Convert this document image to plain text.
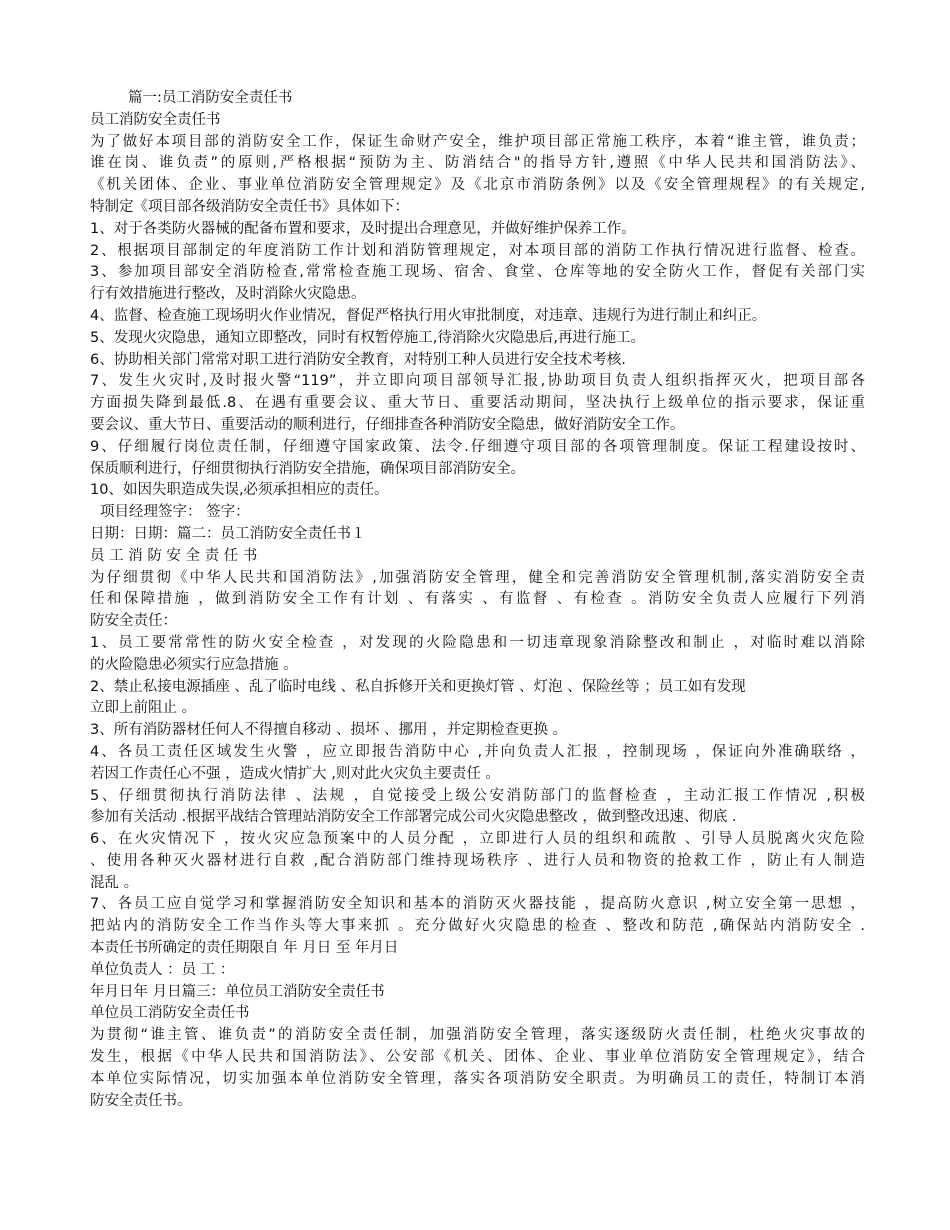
篇一:员工消防安全责任书
员工消防安全责任书
为了做好本项目部的消防安全工作，保证生命财产安全，维护项目部正常施工秩序，本着“谁主管，谁负责；
谁在岗、谁负责”的原则,严格根据“预防为主、防消结合"的指导方针,遵照《中华人民共和国消防法》、
《机关团体、企业、事业单位消防安全管理规定》及《北京市消防条例》以及《安全管理规程》的有关规定,
特制定《项目部各级消防安全责任书》具体如下：
1、对于各类防火器械的配备布置和要求，及时提出合理意见，并做好维护保养工作。
2、根据项目部制定的年度消防工作计划和消防管理规定，对本项目部的消防工作执行情况进行监督、检查。
3、参加项目部安全消防检查,常常检查施工现场、宿舍、食堂、仓库等地的安全防火工作，督促有关部门实
行有效措施进行整改，及时消除火灾隐患。
4、监督、检查施工现场明火作业情况，督促严格执行用火审批制度，对违章、违规行为进行制止和纠正。
5、发现火灾隐患，通知立即整改，同时有权暂停施工,待消除火灾隐患后,再进行施工。
6、协助相关部门常常对职工进行消防安全教育，对特别工种人员进行安全技术考核.
7、发生火灾时,及时报火警“119”，并立即向项目部领导汇报,协助项目负责人组织指挥灭火，把项目部各
方面损失降到最低.8、在遇有重要会议、重大节日、重要活动期间，坚决执行上级单位的指示要求，保证重
要会议、重大节日、重要活动的顺利进行，仔细排查各种消防安全隐患，做好消防安全工作。
9、仔细履行岗位责任制，仔细遵守国家政策、法令.仔细遵守项目部的各项管理制度。保证工程建设按时、
保质顺利进行，仔细贯彻执行消防安全措施，确保项目部消防安全。
10、如因失职造成失误,必须承担相应的责任。
项目经理签字： 签字：
日期：日期：篇二：员工消防安全责任书１
员 工 消 防 安 全 责 任 书
为仔细贯彻《中华人民共和国消防法》,加强消防安全管理，健全和完善消防安全管理机制,落实消防安全责
任和保障措施 ，做到消防安全工作有计划 、有落实 、有监督 、有检查 。消防安全负责人应履行下列消
防安全责任：
1、员工要常常性的防火安全检查 ，对发现的火险隐患和一切违章现象消除整改和制止 ，对临时难以消除
的火险隐患必须实行应急措施 。
2、禁止私接电源插座 、乱了临时电线 、私自拆修开关和更换灯管 、灯泡 、保险丝等 ；员工如有发现
立即上前阻止 。
3、所有消防器材任何人不得擅自移动 、损坏 、挪用 ，并定期检查更换 。
4、各员工责任区域发生火警 ，应立即报告消防中心 ,并向负责人汇报 ，控制现场 ，保证向外准确联络 ，
若因工作责任心不强 ，造成火情扩大 ,则对此火灾负主要责任 。
5、仔细贯彻执行消防法律 、法规 ，自觉接受上级公安消防部门的监督检查 ，主动汇报工作情况 ,积极
参加有关活动 .根据平战结合管理站消防安全工作部署完成公司火灾隐患整改 ，做到整改迅速、彻底 .
6、在火灾情况下 ，按火灾应急预案中的人员分配 ，立即进行人员的组织和疏散 、引导人员脱离火灾危险
、使用各种灭火器材进行自救 ,配合消防部门维持现场秩序 、进行人员和物资的抢救工作 ，防止有人制造
混乱 。
7、各员工应自觉学习和掌握消防安全知识和基本的消防灭火器技能 ，提高防火意识 ,树立安全第一思想 ，
把站内的消防安全工作当作头等大事来抓 。充分做好火灾隐患的检查 、整改和防范 ,确保站内消防安全 .
本责任书所确定的责任期限自 年 月日 至 年月日
单位负责人 ：员 工 ：
年月日年 月日篇三：单位员工消防安全责任书
单位员工消防安全责任书
为贯彻“谁主管、谁负责”的消防安全责任制，加强消防安全管理，落实逐级防火责任制，杜绝火灾事故的
发生，根据《中华人民共和国消防法》、公安部《机关、团体、企业、事业单位消防安全管理规定》，结合
本单位实际情况，切实加强本单位消防安全管理，落实各项消防安全职责。为明确员工的责任，特制订本消
防安全责任书。
